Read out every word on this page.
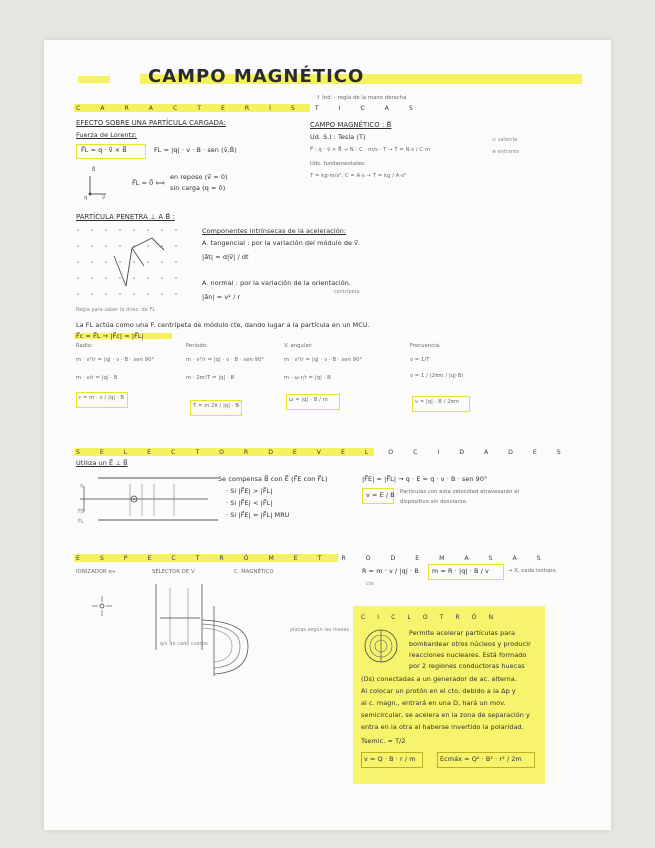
CAMPO MAGNÉTICO
↑ Ind. · regla de la mano derecha
C A R A C T E R Í S T I C A S
EFECTO SOBRE UNA PARTÍCULA CARGADA:
Fuerza de Lorentz:
F⃗L = q · v⃗ × B⃗	FL = |q| · v · B · sen (v̂,B̂)
B⃗
q	v⃗
F⃗L = 0⃗ ⟺
en reposo (v⃗ = 0)
sin carga (q = 0)
CAMPO MAGNÉTICO : B⃗
Ud. S.I : Tesla (T)
F⃗ : q · v⃗ × B⃗ → N : C · m/s · T → T = N·s / C·m
Uds. fundamentales:
T = kg·m/s², C = A·s → T = kg / A·s²
⊙ saliente
⊗ entrante
PARTÍCULA PENETRA ⊥ A B⃗ :
Regla para saber la direc. de FL
Componentes intrínsecas de la aceleración:
A. tangencial : por la variación del módulo de v⃗.
|a⃗t| = d|v⃗| / dt
A. normal : por la variación de la orientación.
centrípeta
|a⃗n| = v² / r
La FL actúa como una F. centrípeta de módulo cte, dando lugar a la partícula en un MCU.
F⃗c = F⃗L → |F⃗c| = |F⃗L|
Radio:
m · v²/r = |q| · v · B · sen 90°
m · v/r = |q| · B
r = m · v / |q| · B
Periodo:
m · v²/r = |q| · v · B · sen 90°
m · 2πr/T = |q| · B
T = m 2π / |q| · B
V. angular:
m · v²/r = |q| · v · B · sen 90°
m · ω·r/r = |q| · B
ω = |q| · B / m
Frecuencia:
ν = 1/T
ν = 1 / (2πm / |q|·B)
ν = |q| · B / 2πm
S E L E C T O R D E V E L O C I D A D E S
Utiliza un E⃗ ⊥ B⃗
q
F⃗E
F⃗L
Se compensa B⃗ con E⃗ (F⃗E con F⃗L)
· Si |F⃗E| > |F⃗L|
· Si |F⃗E| < |F⃗L|
· Si |F⃗E| = |F⃗L| MRU
|F⃗E| = |F⃗L| → q · E = q · v · B · sen 90°
v = E / B Partículas con esta velocidad atravesarán el
dispositivo sin desviarse.
E S P E C T R Ó M E T R O D E M A S A S
IONIZADOR e+	SELECTOR DE V	C. MAGNÉTICO
placas según las masas
q/v de cada cuerpo
R = m · v / |q| · B
cte
m = R · |q| · B / v	→ X, cada isótopo.
C I C L O T R Ó N
Permite acelerar partículas para
bombardear otros núcleos y producir
reacciones nucleares. Está formado
por 2 regiones conductoras huecas
(Ds) conectadas a un generador de ac. alterna.
Al colocar un protón en el cto, debido a la Δp y
al c. magn., entrará en una D, hará un mov.
semicircular, se acelera en la zona de separación y
entra en la otra al haberse invertido la polaridad.
Tsemic. = T/2
v = Q · B · r / m	Ecmáx = Q² · B² · r² / 2m
